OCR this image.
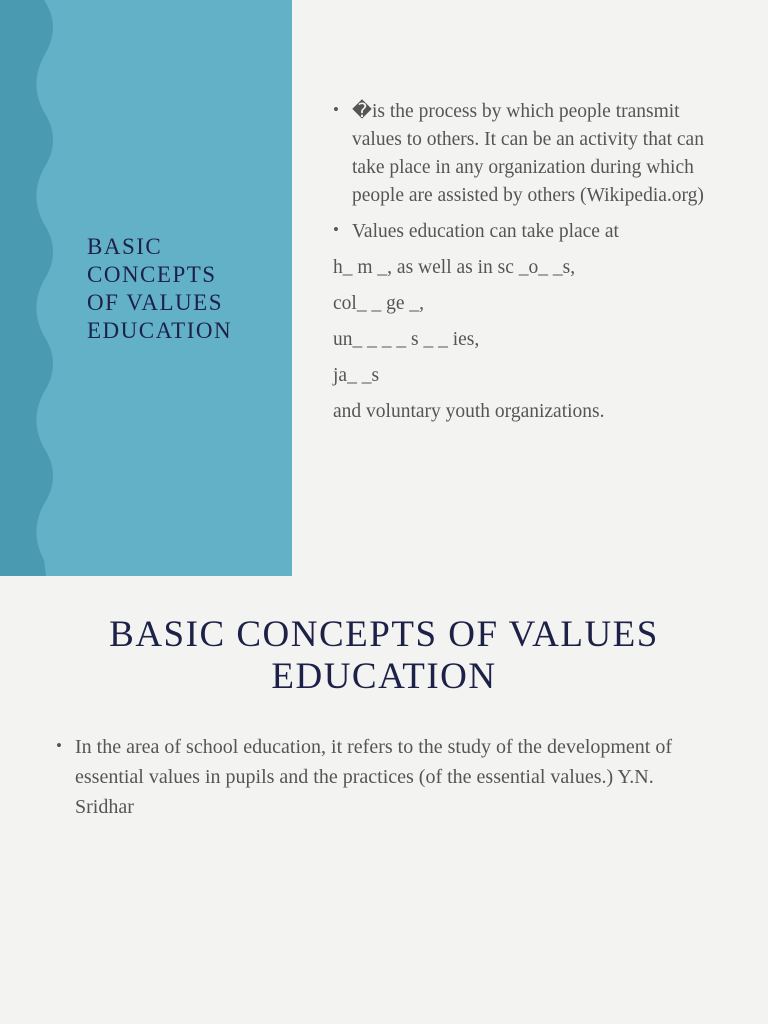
BASIC
CONCEPTS
OF VALUES
EDUCATION
• �is the process by which people transmit values to others. It can be an activity that can take place in any organization during which people are assisted by others (Wikipedia.org)
• Values education can take place at

h_ m _, as well as in sc _o_ _s,

col_ _ ge _,

un_ _ _ _ s _ _ ies,

ja_ _s

and voluntary youth organizations.

BASIC CONCEPTS OF VALUES
EDUCATION
• In the area of school education, it refers to the study of the development of essential values in pupils and the practices (of the essential values.) Y.N. Sridhar
